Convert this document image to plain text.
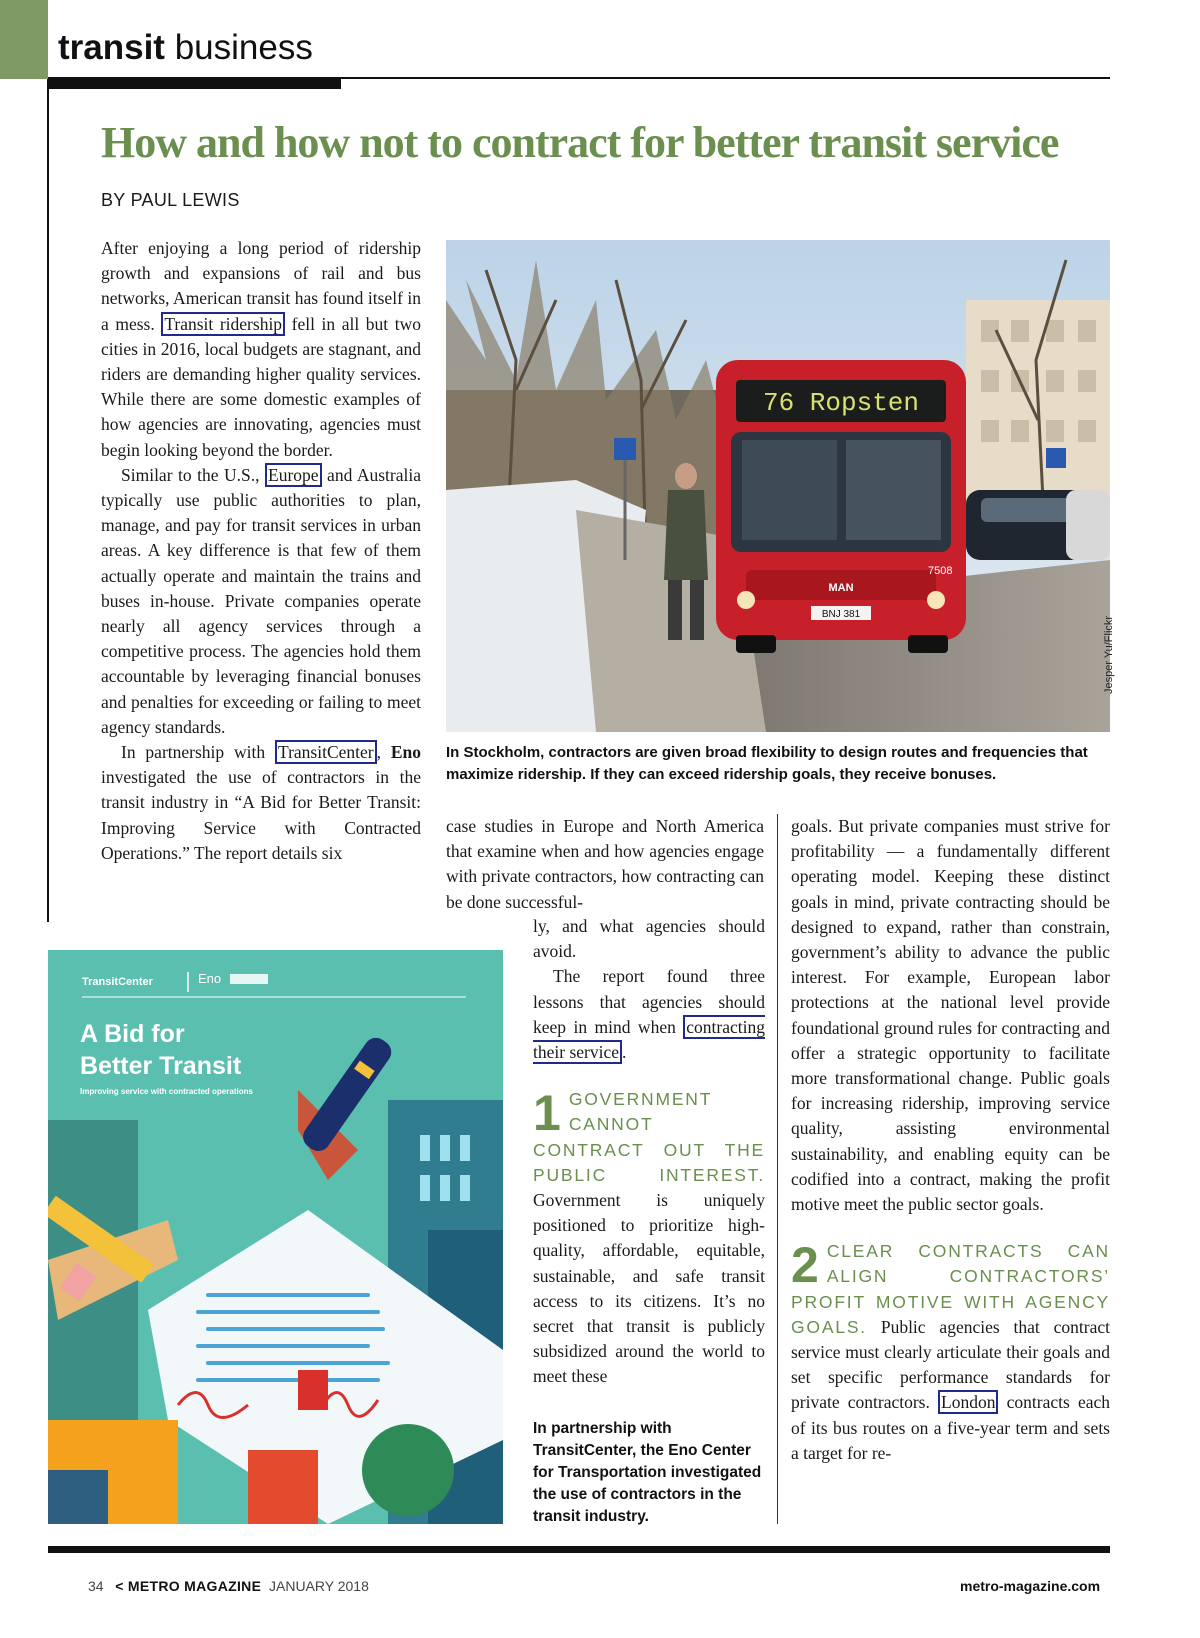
transit business
How and how not to contract for better transit service
BY PAUL LEWIS

After enjoying a long period of ridership growth and expansions of rail and bus networks, American transit has found itself in a mess. Transit ridership fell in all but two cities in 2016, local budgets are stagnant, and riders are demanding higher quality services. While there are some domestic examples of how agencies are innovating, agencies must begin looking beyond the border.

Similar to the U.S., Europe and Australia typically use public authorities to plan, manage, and pay for transit services in urban areas. A key difference is that few of them actually operate and maintain the trains and buses in-house. Private companies operate nearly all agency services through a competitive process. The agencies hold them accountable by leveraging financial bonuses and penalties for exceeding or failing to meet agency standards.

In partnership with TransitCenter , Eno investigated the use of contractors in the transit industry in “A Bid for Better Transit: Improving Service with Contracted Operations.” The report details six

76 Ropsten
MAN
7508
BNJ 381
Jesper Yu/Flickr
In Stockholm, contractors are given broad flexibility to design routes and frequencies that maximize ridership. If they can exceed ridership goals, they receive bonuses.

case studies in Europe and North America that examine when and how agencies engage with private contractors, how contracting can be done successful-

ly, and what agencies should avoid.

The report found three lessons that agencies should keep in mind when contracting their service .

1 GOVERNMENT CANNOT CONTRACT OUT THE PUBLIC INTEREST. Government is uniquely positioned to prioritize high-quality, affordable, equitable, sustainable, and safe transit access to its citizens. It’s no secret that transit is publicly subsidized around the world to meet these

goals. But private companies must strive for profitability — a fundamentally different operating model. Keeping these distinct goals in mind, private contracting should be designed to expand, rather than constrain, government’s ability to advance the public interest. For example, European labor protections at the national level provide foundational ground rules for contracting and offer a strategic opportunity to facilitate more transformational change. Public goals for increasing ridership, improving service quality, assisting environmental sustainability, and enabling equity can be codified into a contract, making the profit motive meet the public sector goals.

2 CLEAR CONTRACTS CAN ALIGN CONTRACTORS’ PROFIT MOTIVE WITH AGENCY GOALS. Public agencies that contract service must clearly articulate their goals and set specific performance standards for private contractors. London contracts each of its bus routes on a five-year term and sets a target for re-

TransitCenter	Eno
A Bid for
Better Transit
Improving service with contracted operations
In partnership with TransitCenter, the Eno Center for Transportation investigated the use of contractors in the transit industry.
34 < METRO MAGAZINE JANUARY 2018	metro-magazine.com
